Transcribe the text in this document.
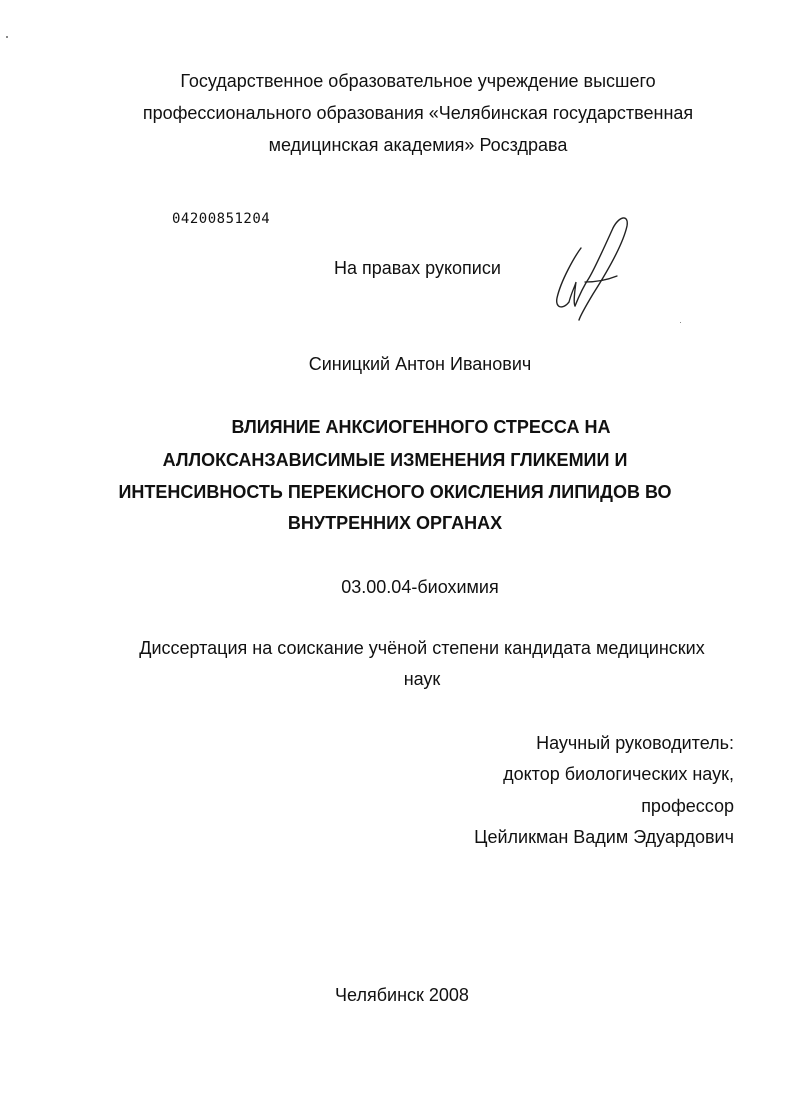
Государственное образовательное учреждение высшего
профессионального образования «Челябинская государственная
медицинская академия» Росздрава
04200851204
На правах рукописи
Синицкий Антон Иванович
ВЛИЯНИЕ АНКСИОГЕННОГО СТРЕССА НА
АЛЛОКСАНЗАВИСИМЫЕ ИЗМЕНЕНИЯ ГЛИКЕМИИ И
ИНТЕНСИВНОСТЬ ПЕРЕКИСНОГО ОКИСЛЕНИЯ ЛИПИДОВ ВО
ВНУТРЕННИХ ОРГАНАХ
03.00.04-биохимия
Диссертация на соискание учёной степени кандидата медицинских
наук
Научный руководитель:
доктор биологических наук,
профессор
Цейликман Вадим Эдуардович
Челябинск 2008
